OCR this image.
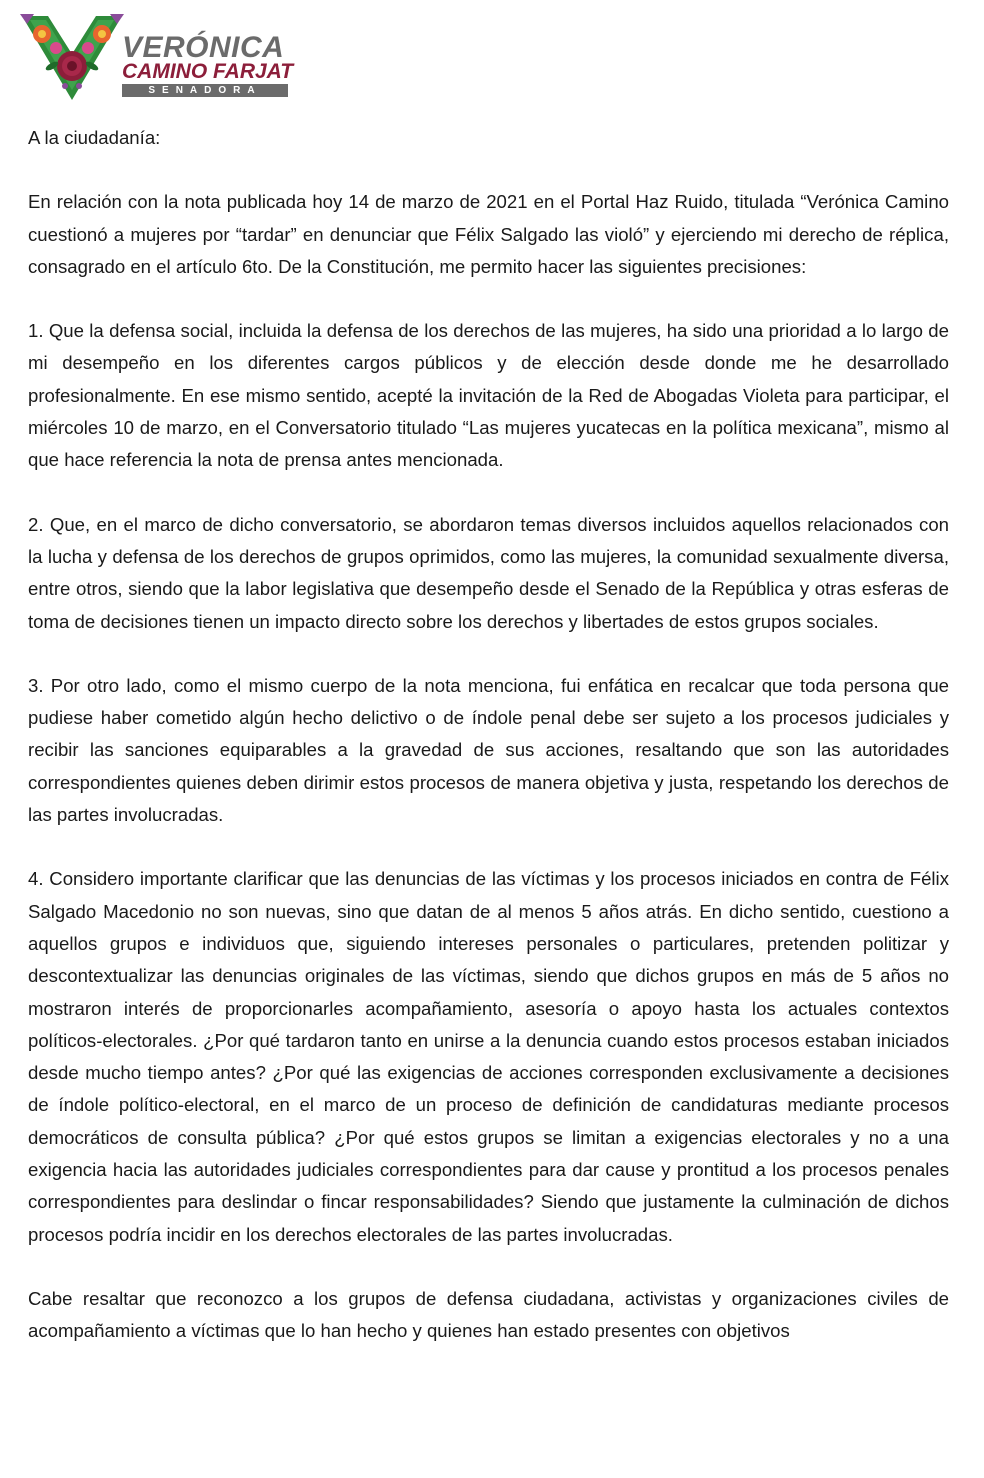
VERÓNICA

CAMINO FARJAT

SENADORA

A la ciudadanía:

En relación con la nota publicada hoy 14 de marzo de 2021 en el Portal Haz Ruido, titulada “Verónica Camino cuestionó a mujeres por “tardar” en denunciar que Félix Salgado las violó” y ejerciendo mi derecho de réplica, consagrado en el artículo 6to. De la Constitución, me permito hacer las siguientes precisiones:

1. Que la defensa social, incluida la defensa de los derechos de las mujeres, ha sido una prioridad a lo largo de mi desempeño en los diferentes cargos públicos y de elección desde donde me he desarrollado profesionalmente. En ese mismo sentido, acepté la invitación de la Red de Abogadas Violeta para participar, el miércoles 10 de marzo, en el Conversatorio titulado “Las mujeres yucatecas en la política mexicana”, mismo al que hace referencia la nota de prensa antes mencionada.

2. Que, en el marco de dicho conversatorio, se abordaron temas diversos incluidos aquellos relacionados con la lucha y defensa de los derechos de grupos oprimidos, como las mujeres, la comunidad sexualmente diversa, entre otros, siendo que la labor legislativa que desempeño desde el Senado de la República y otras esferas de toma de decisiones tienen un impacto directo sobre los derechos y libertades de estos grupos sociales.

3. Por otro lado, como el mismo cuerpo de la nota menciona, fui enfática en recalcar que toda persona que pudiese haber cometido algún hecho delictivo o de índole penal debe ser sujeto a los procesos judiciales y recibir las sanciones equiparables a la gravedad de sus acciones, resaltando que son las autoridades correspondientes quienes deben dirimir estos procesos de manera objetiva y justa, respetando los derechos de las partes involucradas.

4. Considero importante clarificar que las denuncias de las víctimas y los procesos iniciados en contra de Félix Salgado Macedonio no son nuevas, sino que datan de al menos 5 años atrás. En dicho sentido, cuestiono a aquellos grupos e individuos que, siguiendo intereses personales o particulares, pretenden politizar y descontextualizar las denuncias originales de las víctimas, siendo que dichos grupos en más de 5 años no mostraron interés de proporcionarles acompañamiento, asesoría o apoyo hasta los actuales contextos políticos-electorales. ¿Por qué tardaron tanto en unirse a la denuncia cuando estos procesos estaban iniciados desde mucho tiempo antes? ¿Por qué las exigencias de acciones corresponden exclusivamente a decisiones de índole político-electoral, en el marco de un proceso de definición de candidaturas mediante procesos democráticos de consulta pública? ¿Por qué estos grupos se limitan a exigencias electorales y no a una exigencia hacia las autoridades judiciales correspondientes para dar cause y prontitud a los procesos penales correspondientes para deslindar o fincar responsabilidades? Siendo que justamente la culminación de dichos procesos podría incidir en los derechos electorales de las partes involucradas.

Cabe resaltar que reconozco a los grupos de defensa ciudadana, activistas y organizaciones civiles de acompañamiento a víctimas que lo han hecho y quienes han estado presentes con objetivos
